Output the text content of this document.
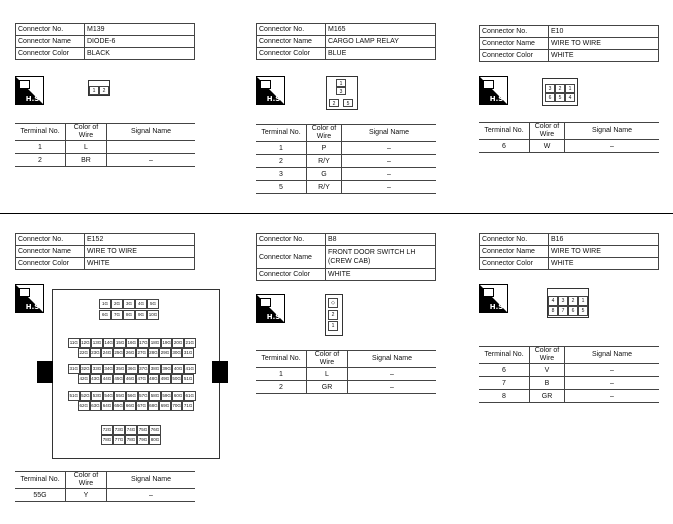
Connector No.	M139
Connector Name	DIODE-6
Connector Color	BLACK
H.S.
1	2
Terminal No.	Color of Wire	Signal Name
1	L	
2	BR	–
Connector No.	M165
Connector Name	CARGO LAMP RELAY
Connector Color	BLUE
H.S.
1
3
2	5
Terminal No.	Color of Wire	Signal Name
1	P	–
2	R/Y	–
3	G	–
5	R/Y	–
Connector No.	E10
Connector Name	WIRE TO WIRE
Connector Color	WHITE
H.S.
3	2	1
6	5	4
Terminal No.	Color of Wire	Signal Name
6	W	–
Connector No.	E152
Connector Name	WIRE TO WIRE
Connector Color	WHITE
H.S.	1G	2G	3G	4G	5G
6G	7G	8G	9G	10G
11G 12G 13G 14G 15G 16G 17G 18G 19G 20G 21G
22G 23G 24G 25G 26G 27G 28G 29G 30G 31G
31G 32G 33G 34G 35G 36G 37G 38G 39G 40G 41G
42G 43G 44G 45G 46G 47G 48G 49G 50G 51G
51G 52G 53G 54G 55G 56G 57G 58G 59G 60G 61G
62G 63G 64G 65G 66G 67G 68G 69G 70G 71G
72G 73G 74G 75G 76G
78G 77G 78G 79G 80G
Terminal No.	Color of Wire	Signal Name
55G	Y	–
Connector No.	B8
Connector Name	FRONT DOOR SWITCH LH (CREW CAB)
Connector Color	WHITE
H.S.
◇
2
1
Terminal No.	Color of Wire	Signal Name
1	L	–
2	GR	–
Connector No.	B16
Connector Name	WIRE TO WIRE
Connector Color	WHITE
H.S.
4	3	2	1
8	7	6	5
Terminal No.	Color of Wire	Signal Name
6	V	–
7	B	–
8	GR	–
